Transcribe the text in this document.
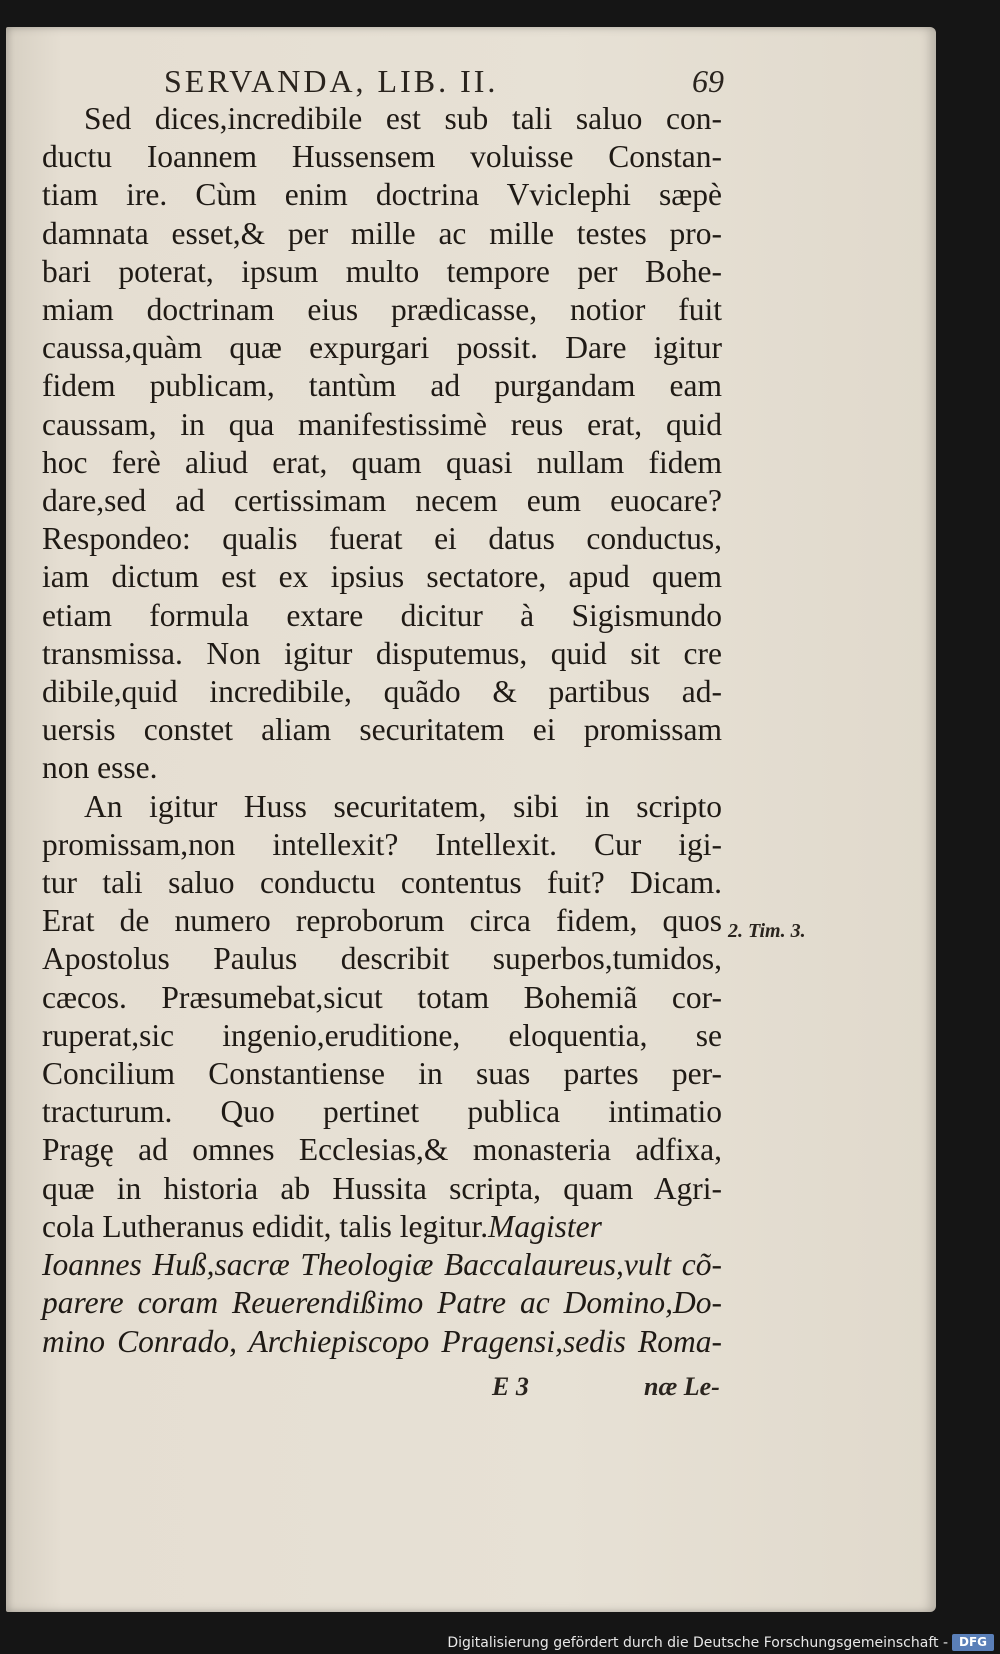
SERVANDA, LIB. II.	69
Sed dices,incredibile est sub tali saluo con-
ductu Ioannem Hussensem voluisse Constan-
tiam ire. Cùm enim doctrina Vviclephi sæpè
damnata esset,& per mille ac mille testes pro-
bari poterat, ipsum multo tempore per Bohe-
miam doctrinam eius prædicasse, notior fuit
caussa,quàm quæ expurgari possit. Dare igitur
fidem publicam, tantùm ad purgandam eam
caussam, in qua manifestissimè reus erat, quid
hoc ferè aliud erat, quam quasi nullam fidem
dare,sed ad certissimam necem eum euocare?
Respondeo: qualis fuerat ei datus conductus,
iam dictum est ex ipsius sectatore, apud quem
etiam formula extare dicitur à Sigismundo
transmissa. Non igitur disputemus, quid sit cre
dibile,quid incredibile, quãdo & partibus ad-
uersis constet aliam securitatem ei promissam
non esse.
An igitur Huss securitatem, sibi in scripto
promissam,non intellexit? Intellexit. Cur igi-
tur tali saluo conductu contentus fuit? Dicam.
Erat de numero reproborum circa fidem, quos
Apostolus Paulus describit superbos,tumidos,
cæcos. Præsumebat,sicut totam Bohemiã cor-
ruperat,sic ingenio,eruditione, eloquentia, se
Concilium Constantiense in suas partes per-
tracturum. Quo pertinet publica intimatio
Pragę ad omnes Ecclesias,& monasteria adfixa,
quæ in historia ab Hussita scripta, quam Agri-
cola Lutheranus edidit, talis legitur.Magister
Ioannes Huß,sacræ Theologiæ Baccalaureus,vult cõ-
parere coram Reuerendißimo Patre ac Domino,Do-
mino Conrado, Archiepiscopo Pragensi,sedis Roma-
2. Tim. 3.
E 3	næ Le-
Digitalisierung gefördert durch die Deutsche Forschungsgemeinschaft - DFG
